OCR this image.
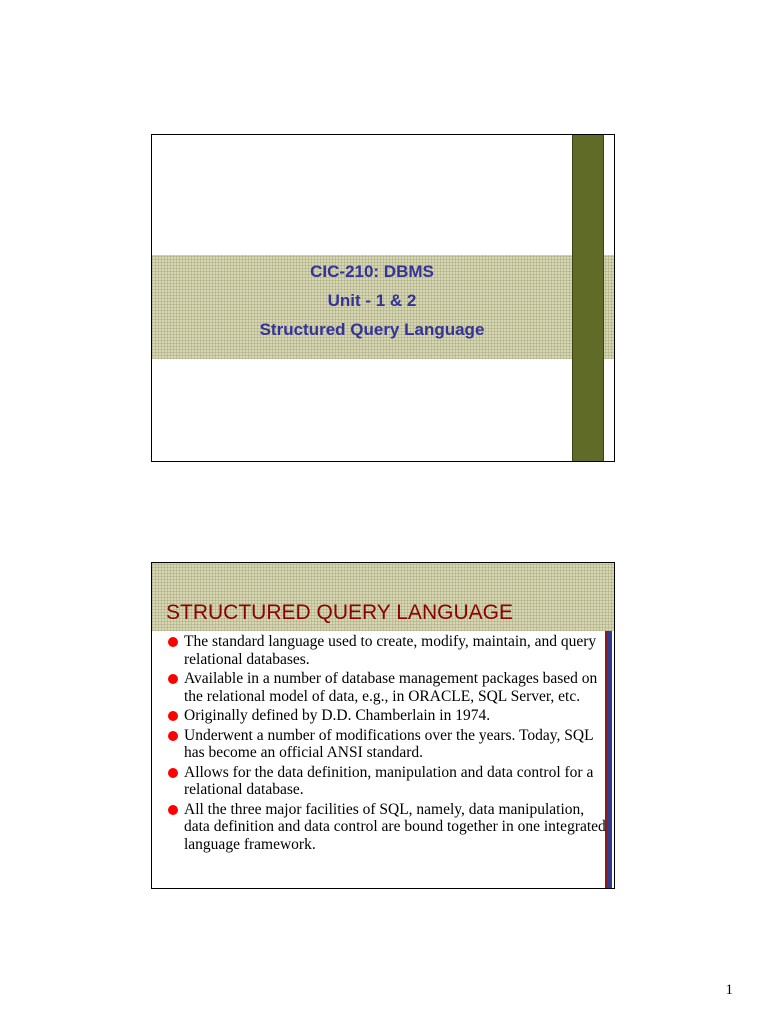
CIC-210: DBMS
Unit - 1 & 2
Structured Query Language
STRUCTURED QUERY LANGUAGE
The standard language used to create, modify, maintain, and query relational databases.
Available in a number of database management packages based on the relational model of data, e.g., in ORACLE, SQL Server, etc.
Originally defined by D.D. Chamberlain in 1974.
Underwent a number of modifications over the years. Today, SQL has become an official ANSI standard.
Allows for the data definition, manipulation and data control for a relational database.
All the three major facilities of SQL, namely, data manipulation, data definition and data control are bound together in one integrated language framework.
1
